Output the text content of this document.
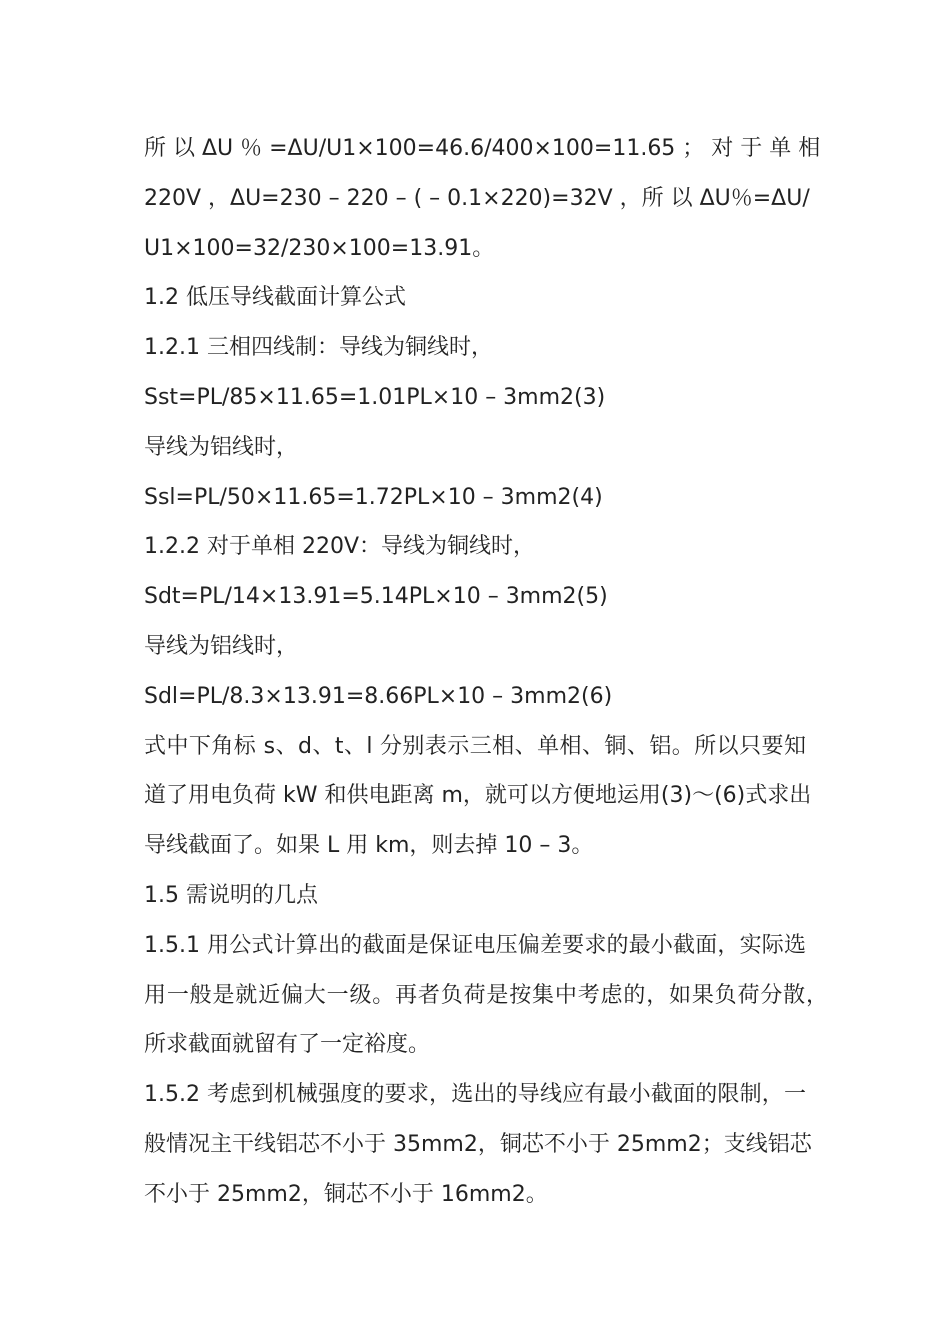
所 以 ΔU ％ =ΔU/U1×100=46.6/400×100=11.65 ； 对 于 单 相
220V ，ΔU=230 – 220 – ( – 0.1×220)=32V ，所 以 ΔU％=ΔU/
U1×100=32/230×100=13.91。
1.2 低压导线截面计算公式
1.2.1 三相四线制：导线为铜线时，
Sst=PL/85×11.65=1.01PL×10 – 3mm2(3)
导线为铝线时，
Ssl=PL/50×11.65=1.72PL×10 – 3mm2(4)
1.2.2 对于单相 220V：导线为铜线时，
Sdt=PL/14×13.91=5.14PL×10 – 3mm2(5)
导线为铝线时，
Sdl=PL/8.3×13.91=8.66PL×10 – 3mm2(6)
式中下角标 s、d、t、l 分别表示三相、单相、铜、铝。所以只要知
道了用电负荷 kW 和供电距离 m，就可以方便地运用(3)～(6)式求出
导线截面了。如果 L 用 km，则去掉 10 – 3。
1.5 需说明的几点
1.5.1 用公式计算出的截面是保证电压偏差要求的最小截面，实际选
用一般是就近偏大一级。再者负荷是按集中考虑的，如果负荷分散，
所求截面就留有了一定裕度。
1.5.2 考虑到机械强度的要求，选出的导线应有最小截面的限制，一
般情况主干线铝芯不小于 35mm2，铜芯不小于 25mm2；支线铝芯
不小于 25mm2，铜芯不小于 16mm2。
